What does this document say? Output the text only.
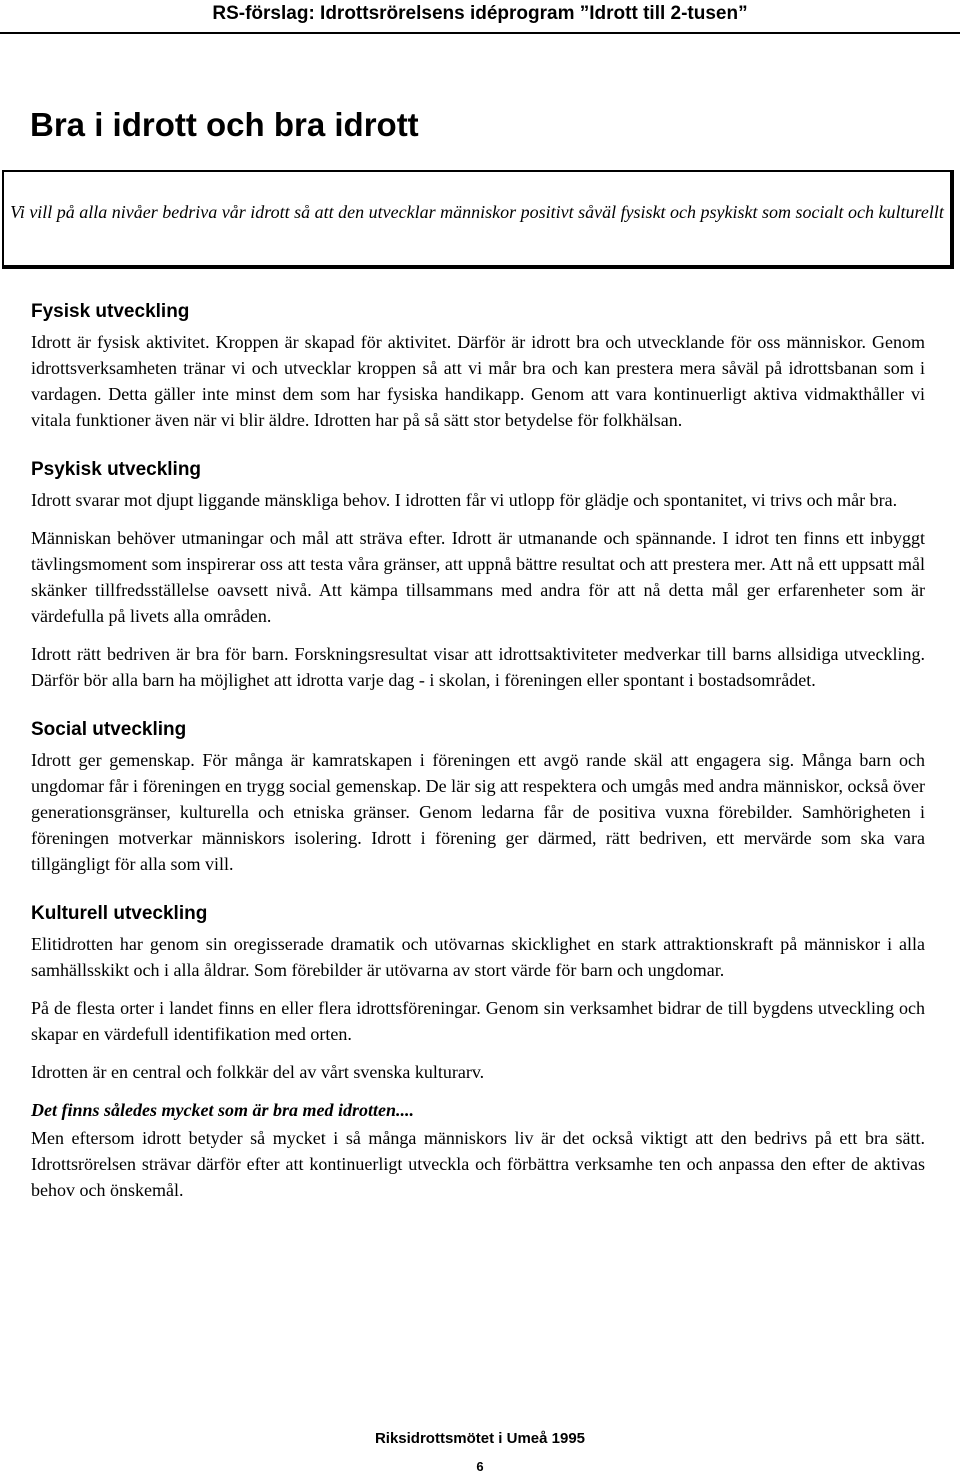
RS-förslag: Idrottsrörelsens idéprogram ”Idrott till 2-tusen”
Bra i idrott och bra idrott

Vi vill på alla nivåer bedriva vår idrott så att den utvecklar människor positivt såväl fysiskt och psykiskt som socialt och kulturellt

Fysisk utveckling

Idrott är fysisk aktivitet. Kroppen är skapad för aktivitet. Därför är idrott bra och utvecklande för oss människor. Genom idrottsverksamheten tränar vi och utvecklar kroppen så att vi mår bra och kan prestera mera såväl på idrottsbanan som i vardagen. Detta gäller inte minst dem som har fysiska handikapp. Genom att vara kontinuerligt aktiva vidmakthåller vi vitala funktioner även när vi blir äldre. Idrotten har på så sätt stor betydelse för folkhälsan.

Psykisk utveckling

Idrott svarar mot djupt liggande mänskliga behov. I idrotten får vi utlopp för glädje och spontanitet, vi trivs och mår bra.

Människan behöver utmaningar och mål att sträva efter. Idrott är utmanande och spännande. I idrot ten finns ett inbyggt tävlingsmoment som inspirerar oss att testa våra gränser, att uppnå bättre resultat och att prestera mer. Att nå ett uppsatt mål skänker tillfredsställelse oavsett nivå. Att kämpa tillsammans med andra för att nå detta mål ger erfarenheter som är värdefulla på livets alla områden.

Idrott rätt bedriven är bra för barn. Forskningsresultat visar att idrottsaktiviteter medverkar till barns allsidiga utveckling. Därför bör alla barn ha möjlighet att idrotta varje dag - i skolan, i föreningen eller spontant i bostadsområdet.

Social utveckling

Idrott ger gemenskap. För många är kamratskapen i föreningen ett avgö rande skäl att engagera sig. Många barn och ungdomar får i föreningen en trygg social gemenskap. De lär sig att respektera och umgås med andra människor, också över generationsgränser, kulturella och etniska gränser. Genom ledarna får de positiva vuxna förebilder. Samhörigheten i föreningen motverkar människors isolering. Idrott i förening ger därmed, rätt bedriven, ett mervärde som ska vara tillgängligt för alla som vill.

Kulturell utveckling

Elitidrotten har genom sin oregisserade dramatik och utövarnas skicklighet en stark attraktionskraft på människor i alla samhällsskikt och i alla åldrar. Som förebilder är utövarna av stort värde för barn och ungdomar.

På de flesta orter i landet finns en eller flera idrottsföreningar. Genom sin verksamhet bidrar de till bygdens utveckling och skapar en värdefull identifikation med orten.

Idrotten är en central och folkkär del av vårt svenska kulturarv.

Det finns således mycket som är bra med idrotten....

Men eftersom idrott betyder så mycket i så många människors liv är det också viktigt att den bedrivs på ett bra sätt. Idrottsrörelsen strävar därför efter att kontinuerligt utveckla och förbättra verksamhe ten och anpassa den efter de aktivas behov och önskemål.

Riksidrottsmötet i Umeå 1995

6
